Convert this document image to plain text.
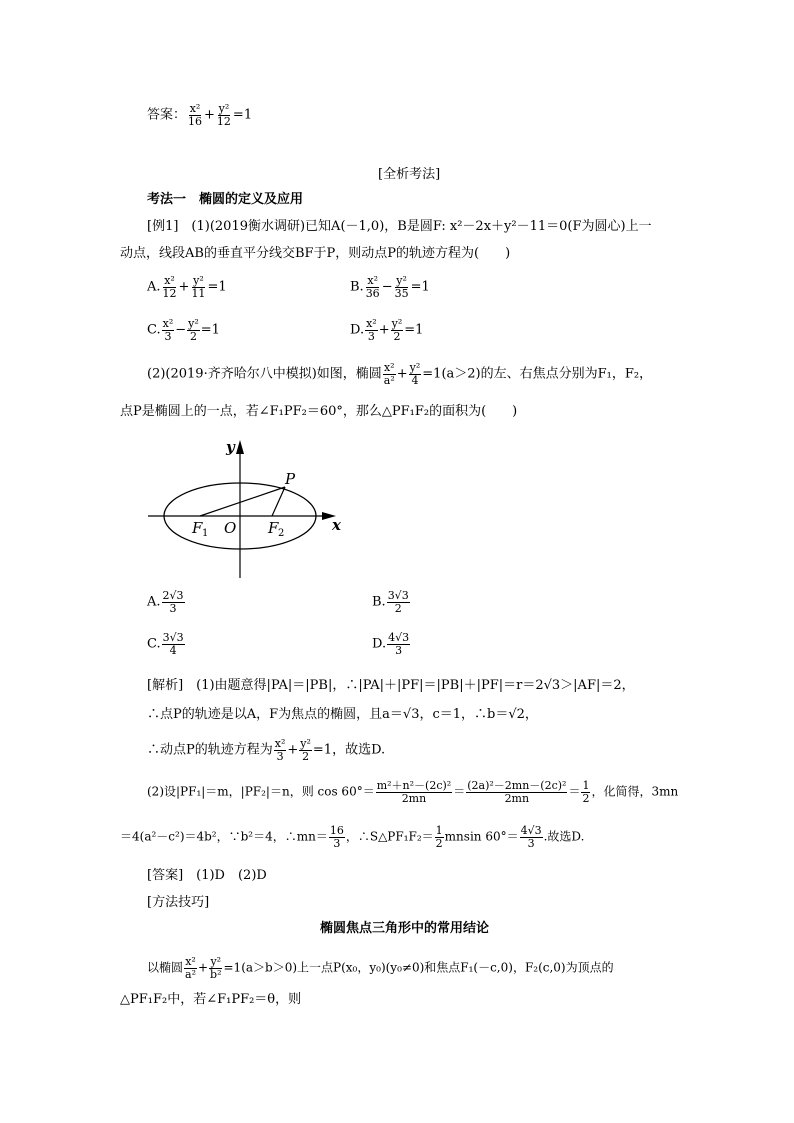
答案： $\frac{\text{x²}}{16} + \frac{\text{y²}}{12} =1$
[全析考法]
考法一　椭圆的定义及应用
[例1]　(1)(2019衡水调研)已知A(－1,0)，B是圆F: x²－2x＋y²－11＝0(F为圆心)上一
动点，线段AB的垂直平分线交BF于P，则动点P的轨迹方程为(　　)
A. $\frac{\text{x²}}{12} + \frac{\text{y²}}{11} =1$	B. $\frac{\text{x²}}{36} - \frac{\text{y²}}{35} =1$
C. $\frac{\text{x²}}{3} - \frac{\text{y²}}{2} =1$	D. $\frac{\text{x²}}{3} + \frac{\text{y²}}{2} =1$
(2)(2019·齐齐哈尔八中模拟)如图，椭圆 $\frac{\text{x²}}{\text{a²}} + \frac{\text{y²}}{4} =1(a>2)$的左、右焦点分别为F₁，F₂，
点P是椭圆上的一点，若∠F₁PF₂＝60°，那么△PF₁F₂的面积为(　　)
y
x
P
F 1 O F 2
A. $\frac{2√3}{3}$	B. $\frac{3√3}{2}$
C. $\frac{3√3}{4}$	D. $\frac{4√3}{3}$
[解析]　(1)由题意得|PA|＝|PB|，∴|PA|＋|PF|＝|PB|＋|PF|＝r＝2√3＞|AF|＝2，
∴点P的轨迹是以A，F为焦点的椭圆，且a＝√3，c＝1，∴b＝√2，
∴动点P的轨迹方程为 $\frac{\text{x²}}{3} + \frac{\text{y²}}{2} =1$，故选D.
(2)设|PF₁|＝m，|PF₂|＝n，则 $\cos 60^\circ= \frac{\text{m²＋n²－(2c)²}}{2mn} = \frac{\text{(2a)²－2mn－(2c)²}}{2mn} = \frac{1}{2}$ ，化简得，3mn
＝4(a²－c²)＝4b²，∵b²＝4，∴mn＝ $\frac{16}{3}$ ，∴S△PF₁F₂＝ $\frac{1}{2}$ mnsin $60^\circ= \frac{4√3}{3}$ .故选D.
[答案]　(1)D　(2)D
[方法技巧]
椭圆焦点三角形中的常用结论
以椭圆 $\frac{\text{x²}}{\text{a²}} + \frac{\text{y²}}{\text{b²}} =1(a>b>0)$上一点P(x₀，y₀)(y₀≠0)和焦点F₁(－c,0)，F₂(c,0)为顶点的
△PF₁F₂中，若∠F₁PF₂＝θ，则
